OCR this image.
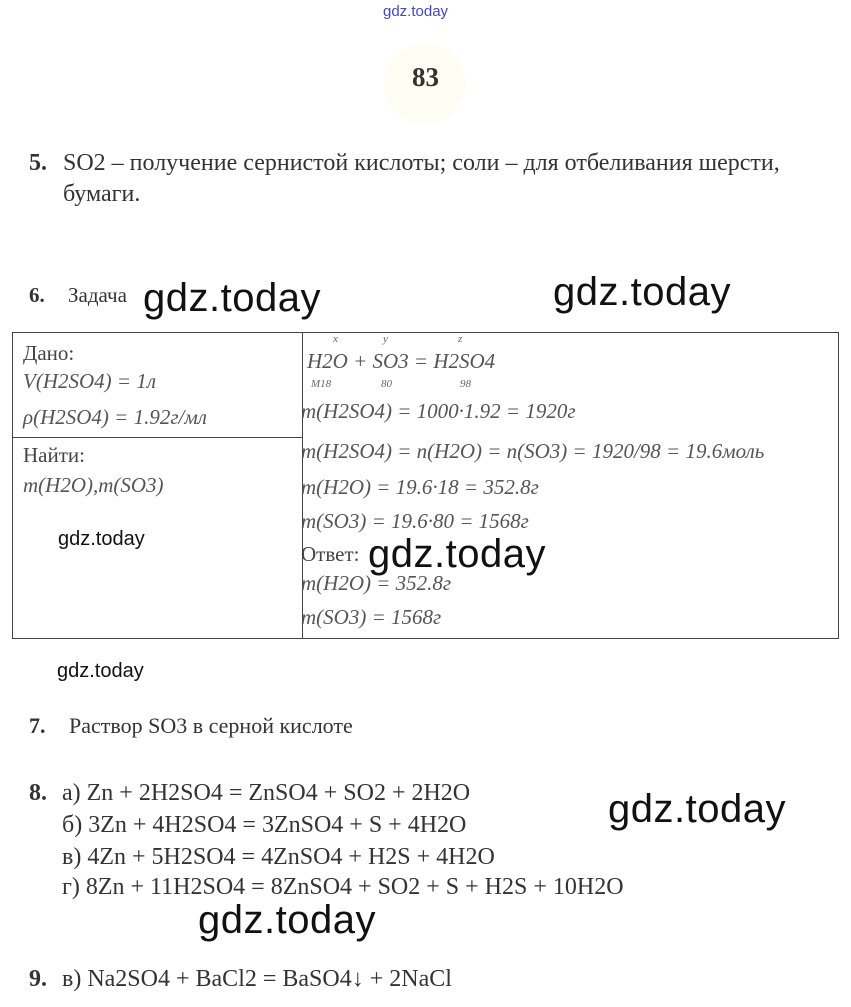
gdz.today
gdz.today	gdz.today
gdz.today
gdz.today
gdz.today
gdz.today
gdz.today
83
5. SO2 – получение сернистой кислоты; соли – для отбеливания шерсти,
бумаги.
6. Задача
Дано:
V(H2SO4) = 1л
ρ(H2SO4) = 1.92г/мл
Найти:
m(H2O),m(SO3)
x	y	z
H2O + SO3 = H2SO4
M18	80	98
m(H2SO4) = 1000·1.92 = 1920г
m(H2SO4) = n(H2O) = n(SO3) = 1920/98 = 19.6моль
m(H2O) = 19.6·18 = 352.8г
m(SO3) = 19.6·80 = 1568г
Ответ:
m(H2O) = 352.8г
m(SO3) = 1568г
7. Раствор SO3 в серной кислоте
8. а) Zn + 2H2SO4 = ZnSO4 + SO2 + 2H2O
б) 3Zn + 4H2SO4 = 3ZnSO4 + S + 4H2O
в) 4Zn + 5H2SO4 = 4ZnSO4 + H2S + 4H2O
г) 8Zn + 11H2SO4 = 8ZnSO4 + SO2 + S + H2S + 10H2O
9. в) Na2SO4 + BaCl2 = BaSO4↓ + 2NaCl
